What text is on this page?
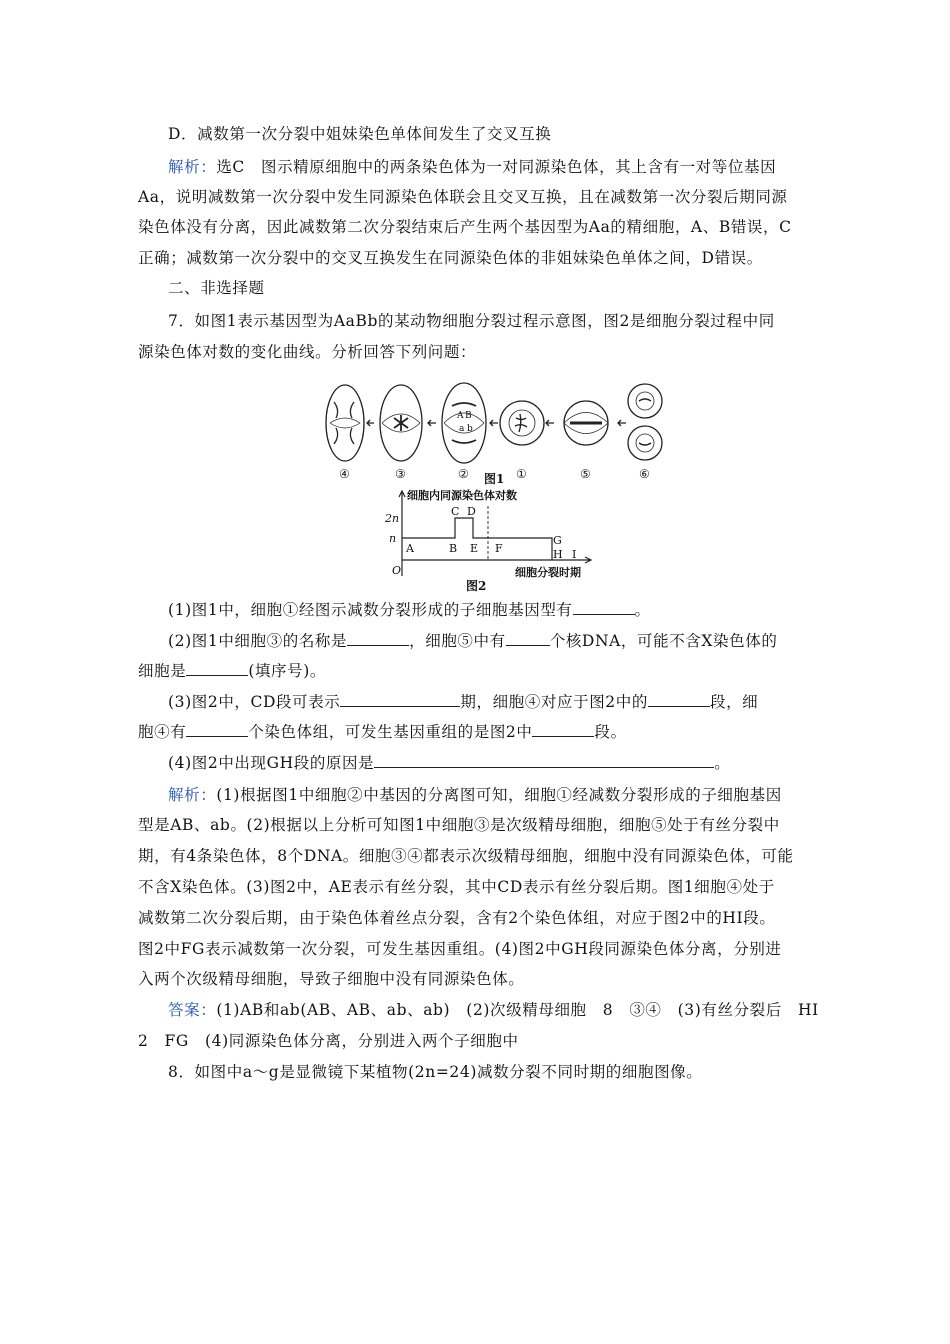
D．减数第一次分裂中姐妹染色单体间发生了交叉互换
解析：选C　图示精原细胞中的两条染色体为一对同源染色体，其上含有一对等位基因
Aa，说明减数第一次分裂中发生同源染色体联会且交叉互换，且在减数第一次分裂后期同源
染色体没有分离，因此减数第二次分裂结束后产生两个基因型为Aa的精细胞，A、B错误，C
正确；减数第一次分裂中的交叉互换发生在同源染色体的非姐妹染色单体之间，D错误。
二、非选择题
7．如图1表示基因型为AaBb的某动物细胞分裂过程示意图，图2是细胞分裂过程中同
源染色体对数的变化曲线。分析回答下列问题：
A B
a b
④	③	②	①	⑤	⑥
图1
细胞内同源染色体对数
2n
n
O
A	B
C D
E F
G
H I
细胞分裂时期
图2
(1)图1中，细胞①经图示减数分裂形成的子细胞基因型有	。
(2)图1中细胞③的名称是	，细胞⑤中有	个核DNA，可能不含X染色体的
细胞是	(填序号)。
(3)图2中，CD段可表示	期，细胞④对应于图2中的	段，细
胞④有	个染色体组，可发生基因重组的是图2中	段。
(4)图2中出现GH段的原因是	。
解析：(1)根据图1中细胞②中基因的分离图可知，细胞①经减数分裂形成的子细胞基因
型是AB、ab。(2)根据以上分析可知图1中细胞③是次级精母细胞，细胞⑤处于有丝分裂中
期，有4条染色体，8个DNA。细胞③④都表示次级精母细胞，细胞中没有同源染色体，可能
不含X染色体。(3)图2中，AE表示有丝分裂，其中CD表示有丝分裂后期。图1细胞④处于
减数第二次分裂后期，由于染色体着丝点分裂，含有2个染色体组，对应于图2中的HI段。
图2中FG表示减数第一次分裂，可发生基因重组。(4)图2中GH段同源染色体分离，分别进
入两个次级精母细胞，导致子细胞中没有同源染色体。
答案：(1)AB和ab(AB、AB、ab、ab)　(2)次级精母细胞　8　③④　(3)有丝分裂后　HI
2　FG　(4)同源染色体分离，分别进入两个子细胞中
8．如图中a～g是显微镜下某植物(2n=24)减数分裂不同时期的细胞图像。
